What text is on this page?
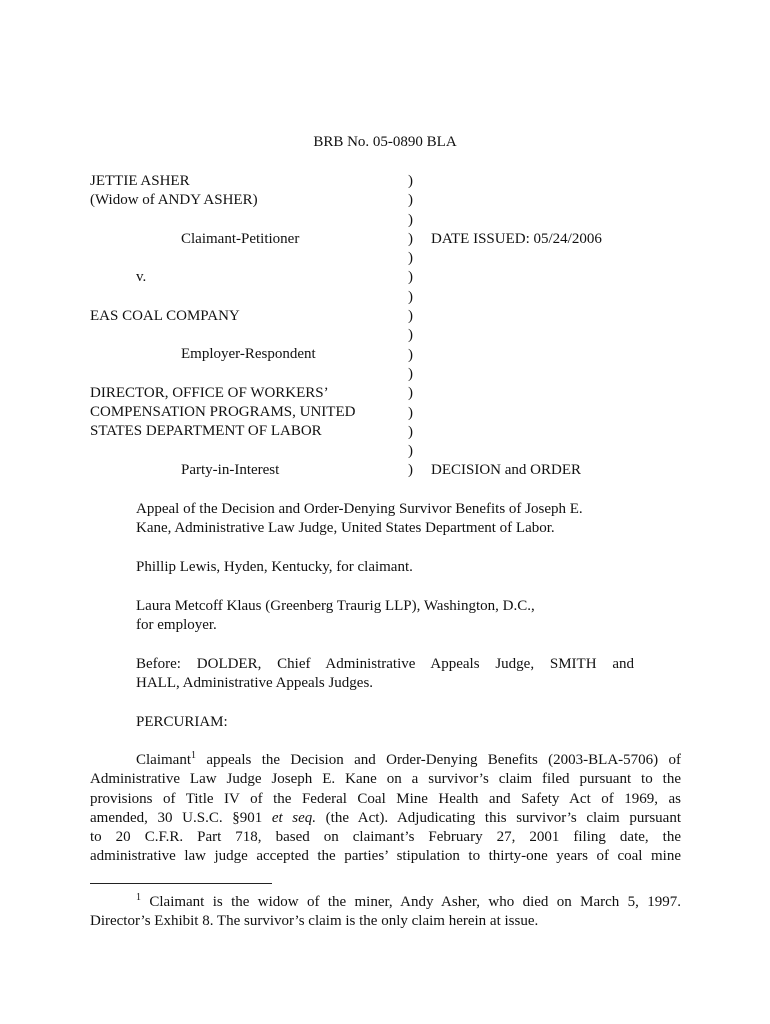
BRB No. 05-0890 BLA
JETTIE ASHER
(Widow of ANDY ASHER)
Claimant-Petitioner
v.
EAS COAL COMPANY
Employer-Respondent
DIRECTOR, OFFICE OF WORKERS’
COMPENSATION PROGRAMS, UNITED
STATES DEPARTMENT OF LABOR
Party-in-Interest
)
)
)
)
)
)
)
)
)
)
)
)
)
)
)
)
DATE ISSUED: 05/24/2006
DECISION and ORDER
Appeal of the Decision and Order-Denying Survivor Benefits of Joseph E.
Kane, Administrative Law Judge, United States Department of Labor.
Phillip Lewis, Hyden, Kentucky, for claimant.
Laura Metcoff Klaus (Greenberg Traurig LLP), Washington, D.C.,
for employer.
Before: DOLDER, Chief Administrative Appeals Judge, SMITH and
HALL, Administrative Appeals Judges.
PERCURIAM:
Claimant$^1$ appeals the Decision and Order-Denying Benefits (2003-BLA-5706) of
Administrative Law Judge Joseph E. Kane on a survivor’s claim filed pursuant to the
provisions of Title IV of the Federal Coal Mine Health and Safety Act of 1969, as
amended, 30 U.S.C. §901 et seq. (the Act). Adjudicating this survivor’s claim pursuant
to 20 C.F.R. Part 718, based on claimant’s February 27, 2001 filing date, the
administrative law judge accepted the parties’ stipulation to thirty-one years of coal mine
$^1$ Claimant is the widow of the miner, Andy Asher, who died on March 5, 1997.
Director’s Exhibit 8. The survivor’s claim is the only claim herein at issue.
